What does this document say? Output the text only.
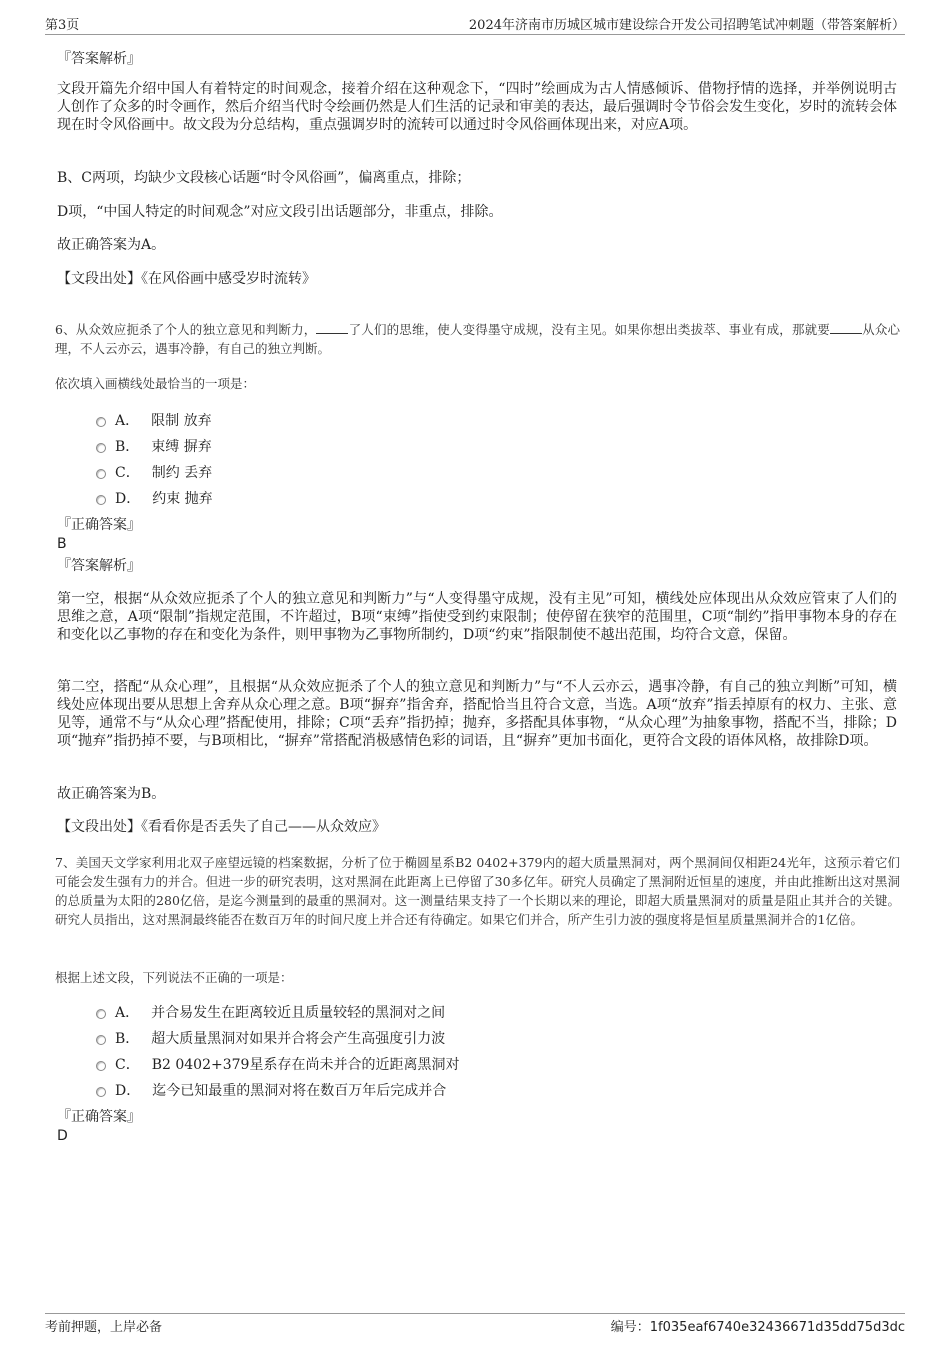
第3页	2024年济南市历城区城市建设综合开发公司招聘笔试冲刺题（带答案解析）
『答案解析』
文段开篇先介绍中国人有着特定的时间观念，接着介绍在这种观念下，“四时”绘画成为古人情感倾诉、借物抒情的选择，并举例说明古人创作了众多的时令画作，然后介绍当代时令绘画仍然是人们生活的记录和审美的表达，最后强调时令节俗会发生变化，岁时的流转会体现在时令风俗画中。故文段为分总结构，重点强调岁时的流转可以通过时令风俗画体现出来，对应A项。
B、C两项，均缺少文段核心话题“时令风俗画”，偏离重点，排除；
D项，“中国人特定的时间观念”对应文段引出话题部分，非重点，排除。
故正确答案为A。
【文段出处】《在风俗画中感受岁时流转》
6、从众效应扼杀了个人的独立意见和判断力，	了人们的思维，使人变得墨守成规，没有主见。如果你想出类拔萃、事业有成，那就要	从众心理，不人云亦云，遇事冷静，有自己的独立判断。
依次填入画横线处最恰当的一项是：
A． 限制 放弃
B． 束缚 摒弃
C． 制约 丢弃
D． 约束 抛弃
『正确答案』
B
『答案解析』
第一空，根据“从众效应扼杀了个人的独立意见和判断力”与“人变得墨守成规，没有主见”可知，横线处应体现出从众效应管束了人们的思维之意，A项“限制”指规定范围，不许超过，B项“束缚”指使受到约束限制；使停留在狭窄的范围里，C项“制约”指甲事物本身的存在和变化以乙事物的存在和变化为条件，则甲事物为乙事物所制约，D项“约束”指限制使不越出范围，均符合文意，保留。
第二空，搭配“从众心理”，且根据“从众效应扼杀了个人的独立意见和判断力”与“不人云亦云，遇事冷静，有自己的独立判断”可知，横线处应体现出要从思想上舍弃从众心理之意。B项“摒弃”指舍弃，搭配恰当且符合文意，当选。A项“放弃”指丢掉原有的权力、主张、意见等，通常不与“从众心理”搭配使用，排除；C项“丢弃”指扔掉；抛弃，多搭配具体事物，“从众心理”为抽象事物，搭配不当，排除；D项“抛弃”指扔掉不要，与B项相比，“摒弃”常搭配消极感情色彩的词语，且“摒弃”更加书面化，更符合文段的语体风格，故排除D项。
故正确答案为B。
【文段出处】《看看你是否丢失了自己——从众效应》
7、美国天文学家利用北双子座望远镜的档案数据，分析了位于椭圆星系B2 0402+379内的超大质量黑洞对，两个黑洞间仅相距24光年，这预示着它们可能会发生强有力的并合。但进一步的研究表明，这对黑洞在此距离上已停留了30多亿年。研究人员确定了黑洞附近恒星的速度，并由此推断出这对黑洞的总质量为太阳的280亿倍，是迄今测量到的最重的黑洞对。这一测量结果支持了一个长期以来的理论，即超大质量黑洞对的质量是阻止其并合的关键。研究人员指出，这对黑洞最终能否在数百万年的时间尺度上并合还有待确定。如果它们并合，所产生引力波的强度将是恒星质量黑洞并合的1亿倍。
根据上述文段，下列说法不正确的一项是：
A． 并合易发生在距离较近且质量较轻的黑洞对之间
B． 超大质量黑洞对如果并合将会产生高强度引力波
C． B2 0402+379星系存在尚未并合的近距离黑洞对
D． 迄今已知最重的黑洞对将在数百万年后完成并合
『正确答案』
D
考前押题，上岸必备	编号：1f035eaf6740e32436671d35dd75d3dc
